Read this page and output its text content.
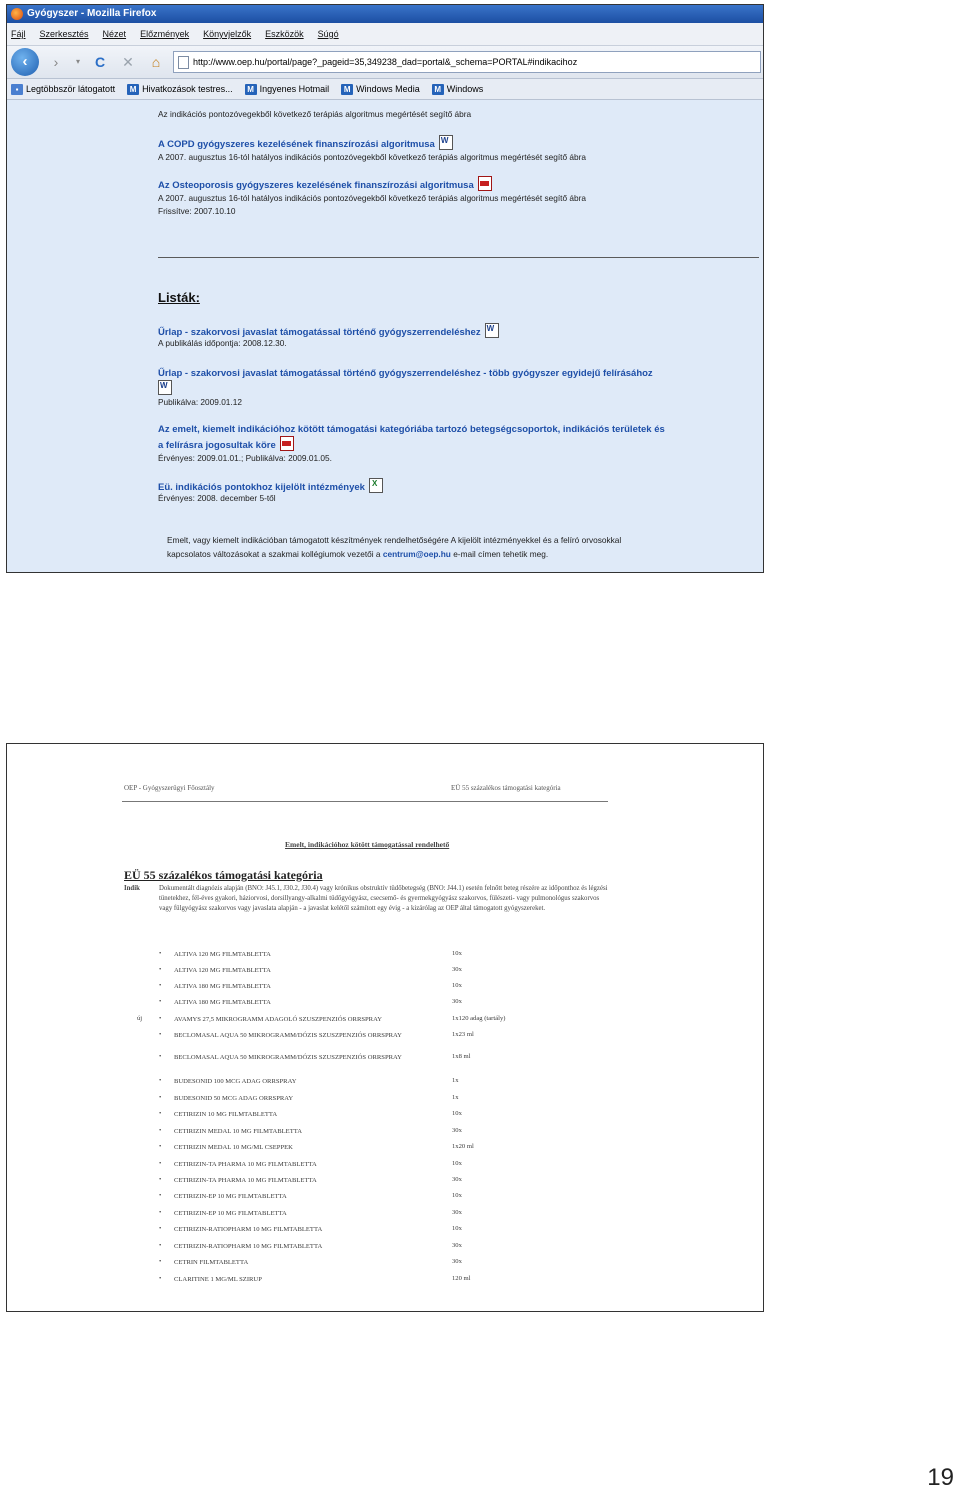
Gyógyszer - Mozilla Firefox
Fájl Szerkesztés Nézet Előzmények Könyvjelzők Eszközök Súgó
‹	›	▾	C	✕	⌂	http://www.oep.hu/portal/page?_pageid=35,349238_dad=portal&_schema=PORTAL#indikacihoz
▪ Legtöbbször látogatott	M Hivatkozások testres...	M Ingyenes Hotmail	M Windows Media	M Windows
Az indikációs pontozóvegekből következő terápiás algoritmus megértését segítő ábra
A COPD gyógyszeres kezelésének finanszírozási algoritmusaW
A 2007. augusztus 16-tól hatályos indikációs pontozóvegekből következő terápiás algoritmus megértését segítő ábra
Az Osteoporosis gyógyszeres kezelésének finanszírozási algoritmusa
A 2007. augusztus 16-tól hatályos indikációs pontozóvegekből következő terápiás algoritmus megértését segítő ábra
Frissítve: 2007.10.10
Listák:
Űrlap - szakorvosi javaslat támogatással történő gyógyszerrendeléshezW
A publikálás időpontja: 2008.12.30.
Űrlap - szakorvosi javaslat támogatással történő gyógyszerrendeléshez - több gyógyszer egyidejű felírásához
W
Publikálva: 2009.01.12
Az emelt, kiemelt indikációhoz kötött támogatási kategóriába tartozó betegségcsoportok, indikációs területek és
a felírásra jogosultak köre
Érvényes: 2009.01.01.; Publikálva: 2009.01.05.
Eü. indikációs pontokhoz kijelölt intézményekX
Érvényes: 2008. december 5-től
Emelt, vagy kiemelt indikációban támogatott készítmények rendelhetőségére A kijelölt intézményekkel és a felíró orvosokkal
kapcsolatos változásokat a szakmai kollégiumok vezetői a centrum@oep.hu e-mail címen tehetik meg.
OEP - Gyógyszerügyi Főosztály	EÜ 55 százalékos támogatási kategória
Emelt, indikációhoz kötött támogatással rendelhető
EÜ 55 százalékos támogatási kategória
Indik	Dokumentált diagnózis alapján (BNO: J45.1, J30.2, J30.4) vagy krónikus obstruktív tüdőbetegség (BNO: J44.1) esetén felnőtt beteg részére az időponthoz és légzési tünetekhez, fél-éves gyakori, háziorvosi, dorsillyangy-alkalmi tüdőgyógyász, csecsemő- és gyermekgyógyász szakorvos, fülészeti- vagy pulmonológus szakorvos vagy fülgyógyász szakorvos vagy javaslata alapján - a javaslat kelétől számított egy évig - a kizárólag az OEP által támogatott gyógyszereket.
• ALTIVA 120 MG FILMTABLETTA	10x
• ALTIVA 120 MG FILMTABLETTA	30x
• ALTIVA 180 MG FILMTABLETTA	10x
• ALTIVA 180 MG FILMTABLETTA	30x
új	• AVAMYS 27,5 MIKROGRAMM ADAGOLÓ SZUSZPENZIÓS ORRSPRAY	1x120 adag (tartály)
• BECLOMASAL AQUA 50 MIKROGRAMM/DÓZIS SZUSZPENZIÓS ORRSPRAY	1x23 ml
• BECLOMASAL AQUA 50 MIKROGRAMM/DÓZIS SZUSZPENZIÓS ORRSPRAY	1x8 ml
• BUDESONID 100 MCG ADAG ORRSPRAY	1x
• BUDESONID 50 MCG ADAG ORRSPRAY	1x
• CETIRIZIN 10 MG FILMTABLETTA	10x
• CETIRIZIN MEDAL 10 MG FILMTABLETTA	30x
• CETIRIZIN MEDAL 10 MG/ML CSEPPEK	1x20 ml
• CETIRIZIN-TA PHARMA 10 MG FILMTABLETTA	10x
• CETIRIZIN-TA PHARMA 10 MG FILMTABLETTA	30x
• CETIRIZIN-EP 10 MG FILMTABLETTA	10x
• CETIRIZIN-EP 10 MG FILMTABLETTA	30x
• CETIRIZIN-RATIOPHARM 10 MG FILMTABLETTA	10x
• CETIRIZIN-RATIOPHARM 10 MG FILMTABLETTA	30x
• CETRIN FILMTABLETTA	30x
• CLARITINE 1 MG/ML SZIRUP	120 ml
19
